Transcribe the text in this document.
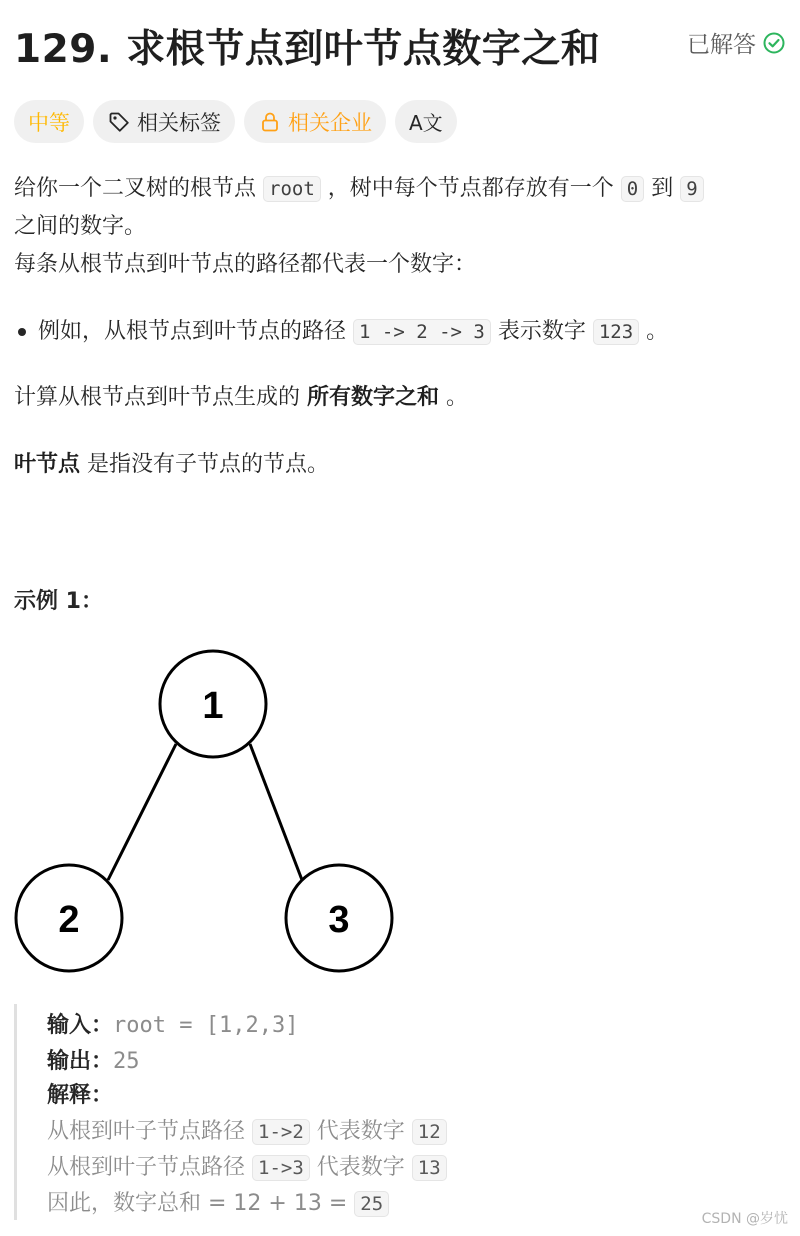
129. 求根节点到叶节点数字之和	已解答
中等	相关标签	相关企业 A文
给你一个二叉树的根节点 root ，树中每个节点都存放有一个 0 到 9
之间的数字。
每条从根节点到叶节点的路径都代表一个数字：
例如，从根节点到叶节点的路径 1 -> 2 -> 3 表示数字 123 。
计算从根节点到叶节点生成的 所有数字之和 。
叶节点 是指没有子节点的节点。
示例 1：
1
2	3
输入：root = [1,2,3]
输出：25
解释：
从根到叶子节点路径 1->2 代表数字 12
从根到叶子节点路径 1->3 代表数字 13
因此，数字总和 = 12 + 13 = 25
CSDN @岁忧
